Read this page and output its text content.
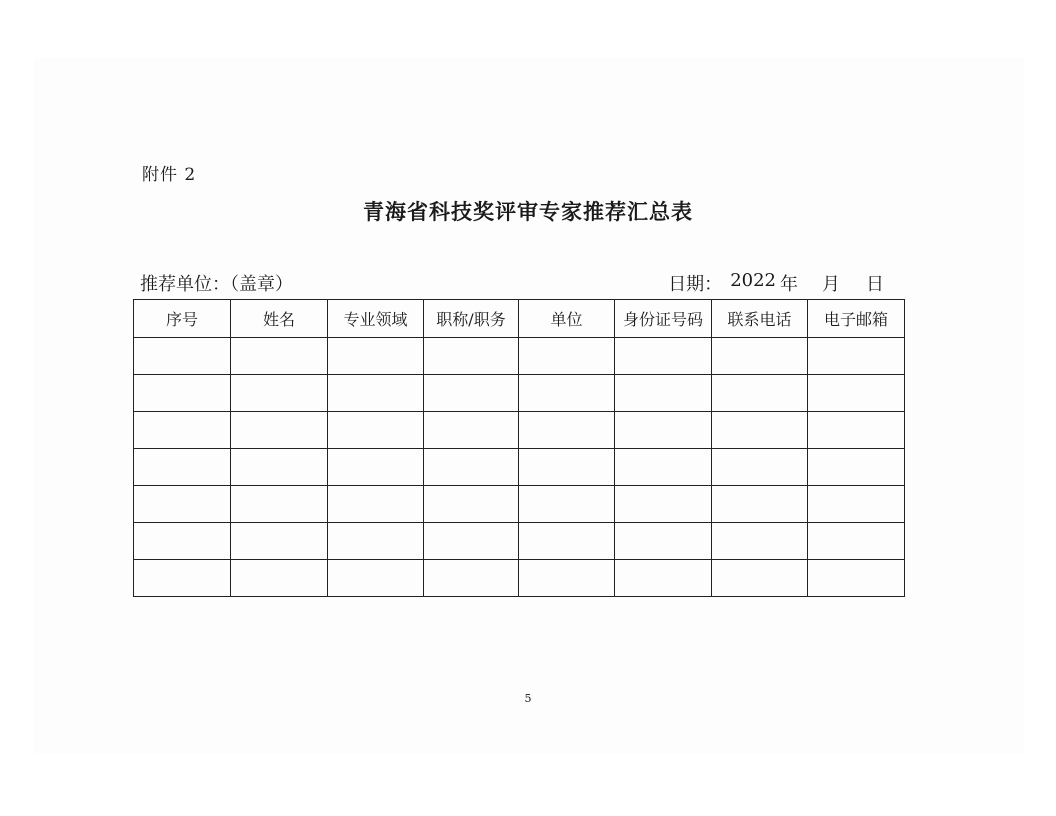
附件 2
青海省科技奖评审专家推荐汇总表
推荐单位：（盖章）	日期： 2022 年 月 日
序号	姓名	专业领域	职称/职务	单位	身份证号码	联系电话	电子邮箱

5
